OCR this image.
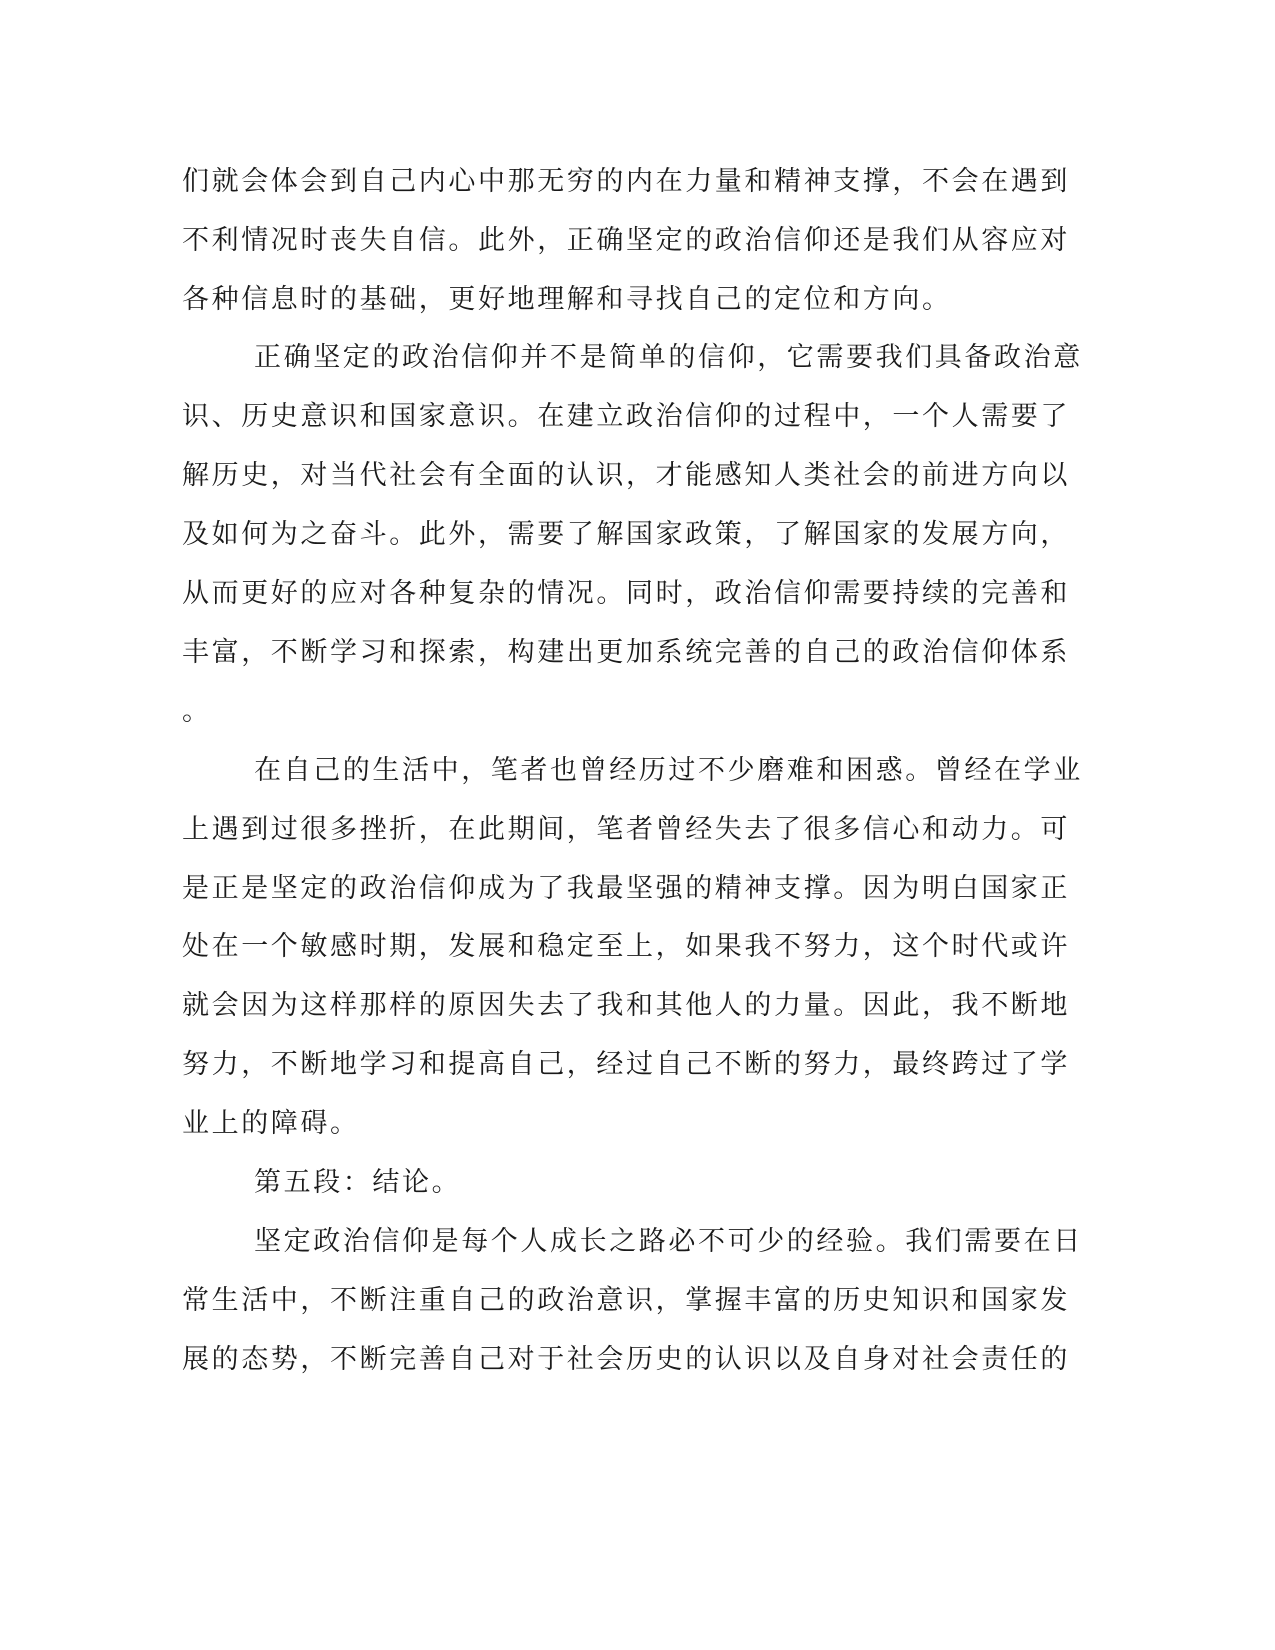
们就会体会到自己内心中那无穷的内在力量和精神支撑，不会在遇到
不利情况时丧失自信。此外，正确坚定的政治信仰还是我们从容应对
各种信息时的基础，更好地理解和寻找自己的定位和方向。
正确坚定的政治信仰并不是简单的信仰，它需要我们具备政治意
识、历史意识和国家意识。在建立政治信仰的过程中，一个人需要了
解历史，对当代社会有全面的认识，才能感知人类社会的前进方向以
及如何为之奋斗。此外，需要了解国家政策，了解国家的发展方向，
从而更好的应对各种复杂的情况。同时，政治信仰需要持续的完善和
丰富，不断学习和探索，构建出更加系统完善的自己的政治信仰体系
。
在自己的生活中，笔者也曾经历过不少磨难和困惑。曾经在学业
上遇到过很多挫折，在此期间，笔者曾经失去了很多信心和动力。可
是正是坚定的政治信仰成为了我最坚强的精神支撑。因为明白国家正
处在一个敏感时期，发展和稳定至上，如果我不努力，这个时代或许
就会因为这样那样的原因失去了我和其他人的力量。因此，我不断地
努力，不断地学习和提高自己，经过自己不断的努力，最终跨过了学
业上的障碍。
第五段：结论。
坚定政治信仰是每个人成长之路必不可少的经验。我们需要在日
常生活中，不断注重自己的政治意识，掌握丰富的历史知识和国家发
展的态势，不断完善自己对于社会历史的认识以及自身对社会责任的
